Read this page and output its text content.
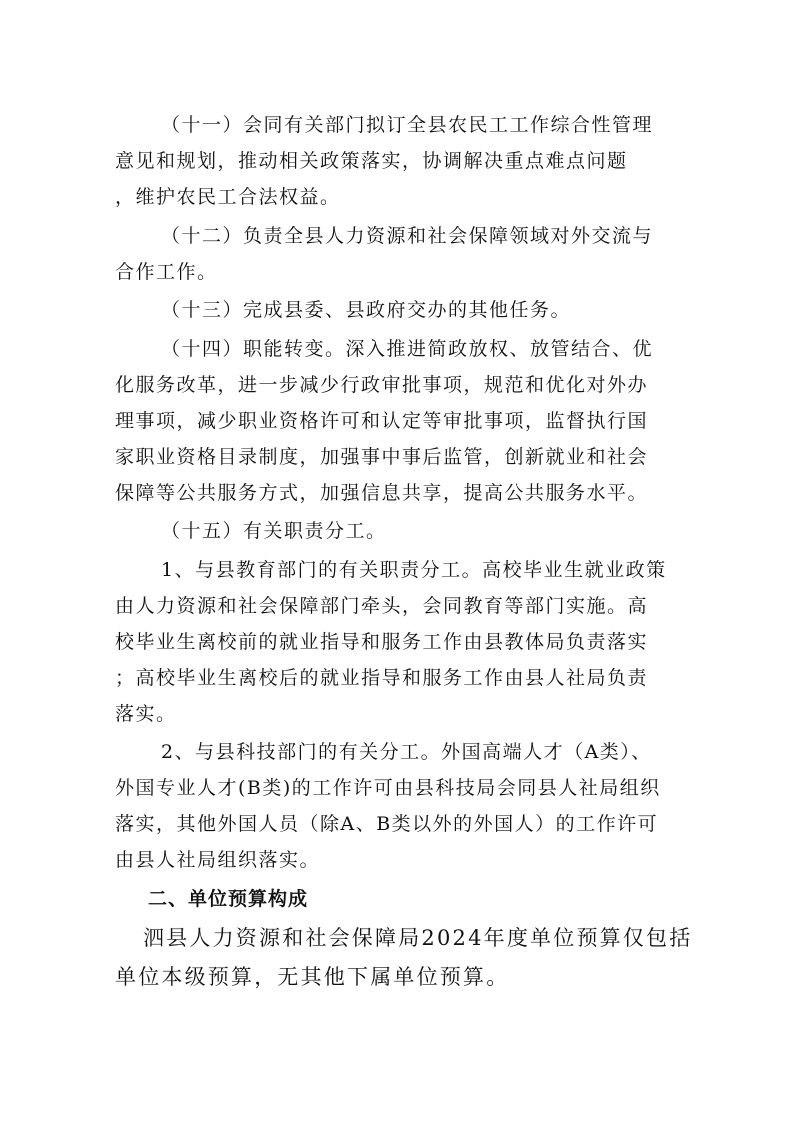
（十一）会同有关部门拟订全县农民工工作综合性管理
意见和规划，推动相关政策落实，协调解决重点难点问题
，维护农民工合法权益。
（十二）负责全县人力资源和社会保障领域对外交流与
合作工作。
（十三）完成县委、县政府交办的其他任务。
（十四）职能转变。深入推进简政放权、放管结合、优
化服务改革，进一步减少行政审批事项，规范和优化对外办
理事项，减少职业资格许可和认定等审批事项，监督执行国
家职业资格目录制度，加强事中事后监管，创新就业和社会
保障等公共服务方式，加强信息共享，提高公共服务水平。
（十五）有关职责分工。
1、与县教育部门的有关职责分工。高校毕业生就业政策
由人力资源和社会保障部门牵头，会同教育等部门实施。高
校毕业生离校前的就业指导和服务工作由县教体局负责落实
；高校毕业生离校后的就业指导和服务工作由县人社局负责
落实。
2、与县科技部门的有关分工。外国高端人才（A类）、
外国专业人才(B类)的工作许可由县科技局会同县人社局组织
落实，其他外国人员（除A、B类以外的外国人）的工作许可
由县人社局组织落实。
二、单位预算构成
泗县人力资源和社会保障局2024年度单位预算仅包括
单位本级预算，无其他下属单位预算。
